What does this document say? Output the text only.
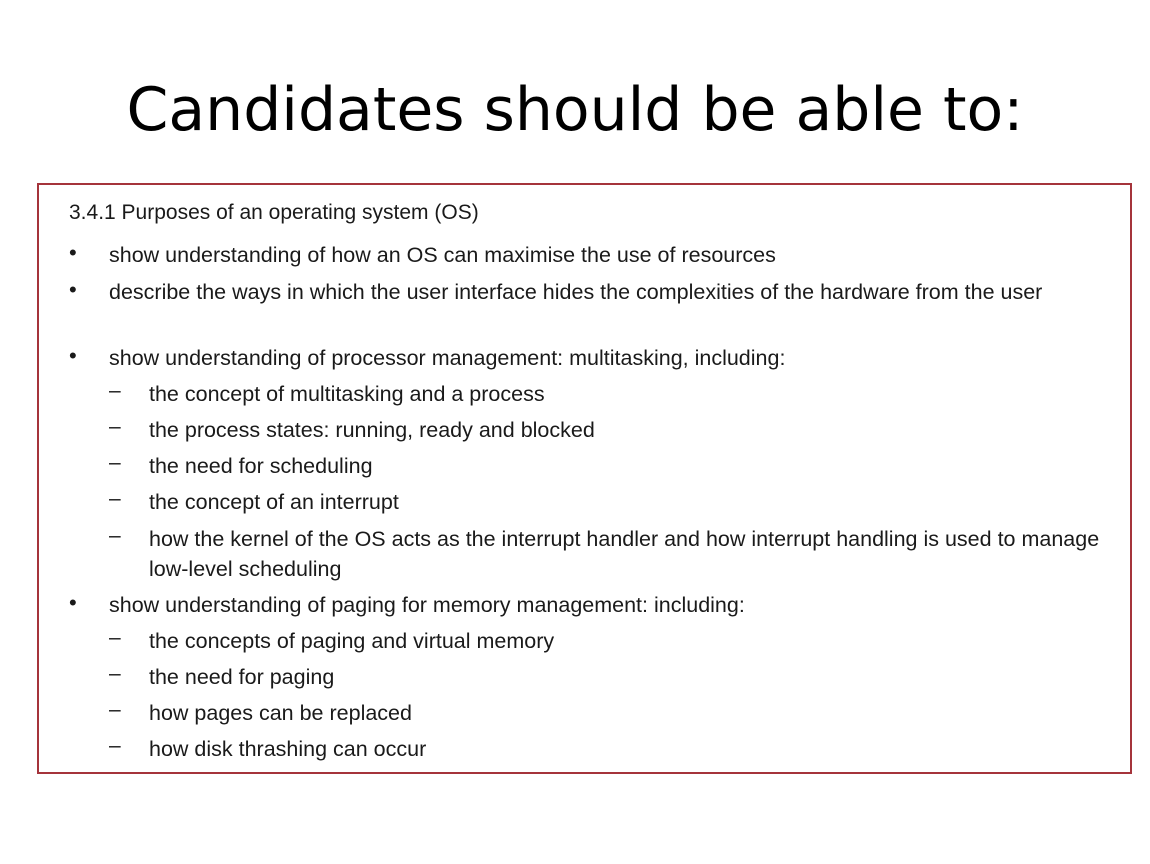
Candidates should be able to:
3.4.1 Purposes of an operating system (OS)
• show understanding of how an OS can maximise the use of resources
• describe the ways in which the user interface hides the complexities of the hardware from the user
• show understanding of processor management: multitasking, including:
– the concept of multitasking and a process
– the process states: running, ready and blocked
– the need for scheduling
– the concept of an interrupt
– how the kernel of the OS acts as the interrupt handler and how interrupt handling is used to manage low-level scheduling
• show understanding of paging for memory management: including:
– the concepts of paging and virtual memory
– the need for paging
– how pages can be replaced
– how disk thrashing can occur
